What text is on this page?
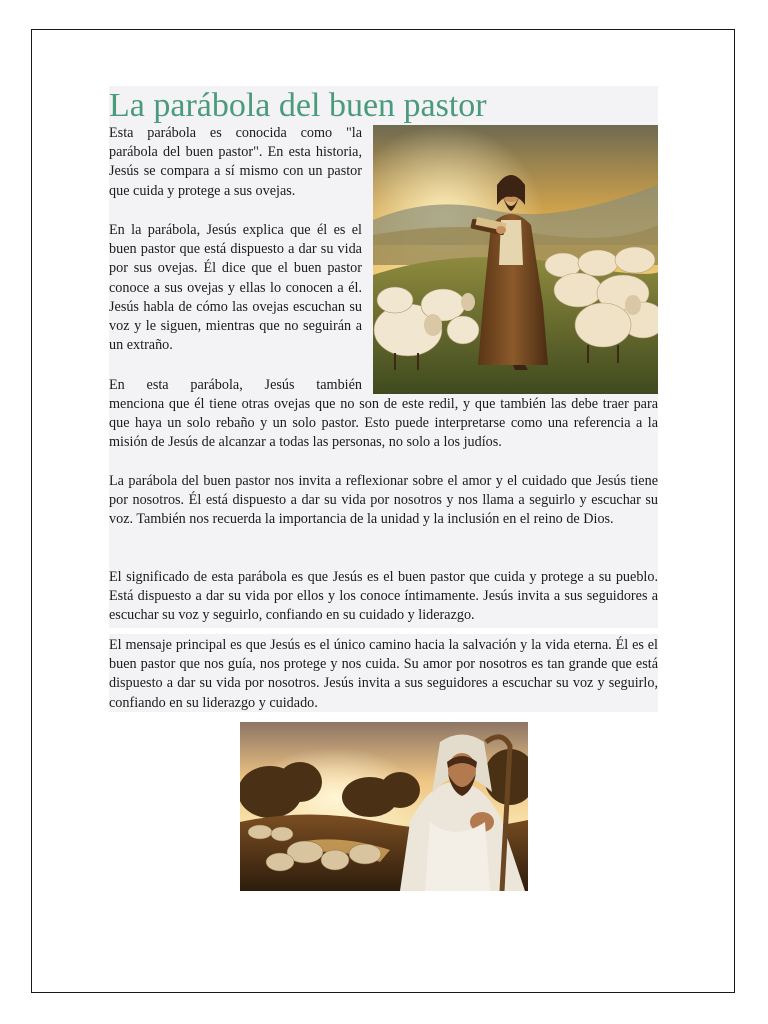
La parábola del buen pastor

Esta parábola es conocida como "la parábola del buen pastor". En esta historia, Jesús se compara a sí mismo con un pastor que cuida y protege a sus ovejas.

En la parábola, Jesús explica que él es el buen pastor que está dispuesto a dar su vida por sus ovejas. Él dice que el buen pastor conoce a sus ovejas y ellas lo conocen a él. Jesús habla de cómo las ovejas escuchan su voz y le siguen, mientras que no seguirán a un extraño.

En esta parábola, Jesús también

menciona que él tiene otras ovejas que no son de este redil, y que también las debe traer para que haya un solo rebaño y un solo pastor. Esto puede interpretarse como una referencia a la misión de Jesús de alcanzar a todas las personas, no solo a los judíos.

La parábola del buen pastor nos invita a reflexionar sobre el amor y el cuidado que Jesús tiene por nosotros. Él está dispuesto a dar su vida por nosotros y nos llama a seguirlo y escuchar su voz. También nos recuerda la importancia de la unidad y la inclusión en el reino de Dios.

El significado de esta parábola es que Jesús es el buen pastor que cuida y protege a su pueblo. Está dispuesto a dar su vida por ellos y los conoce íntimamente. Jesús invita a sus seguidores a escuchar su voz y seguirlo, confiando en su cuidado y liderazgo.

El mensaje principal es que Jesús es el único camino hacia la salvación y la vida eterna. Él es el buen pastor que nos guía, nos protege y nos cuida. Su amor por nosotros es tan grande que está dispuesto a dar su vida por nosotros. Jesús invita a sus seguidores a escuchar su voz y seguirlo, confiando en su liderazgo y cuidado.
